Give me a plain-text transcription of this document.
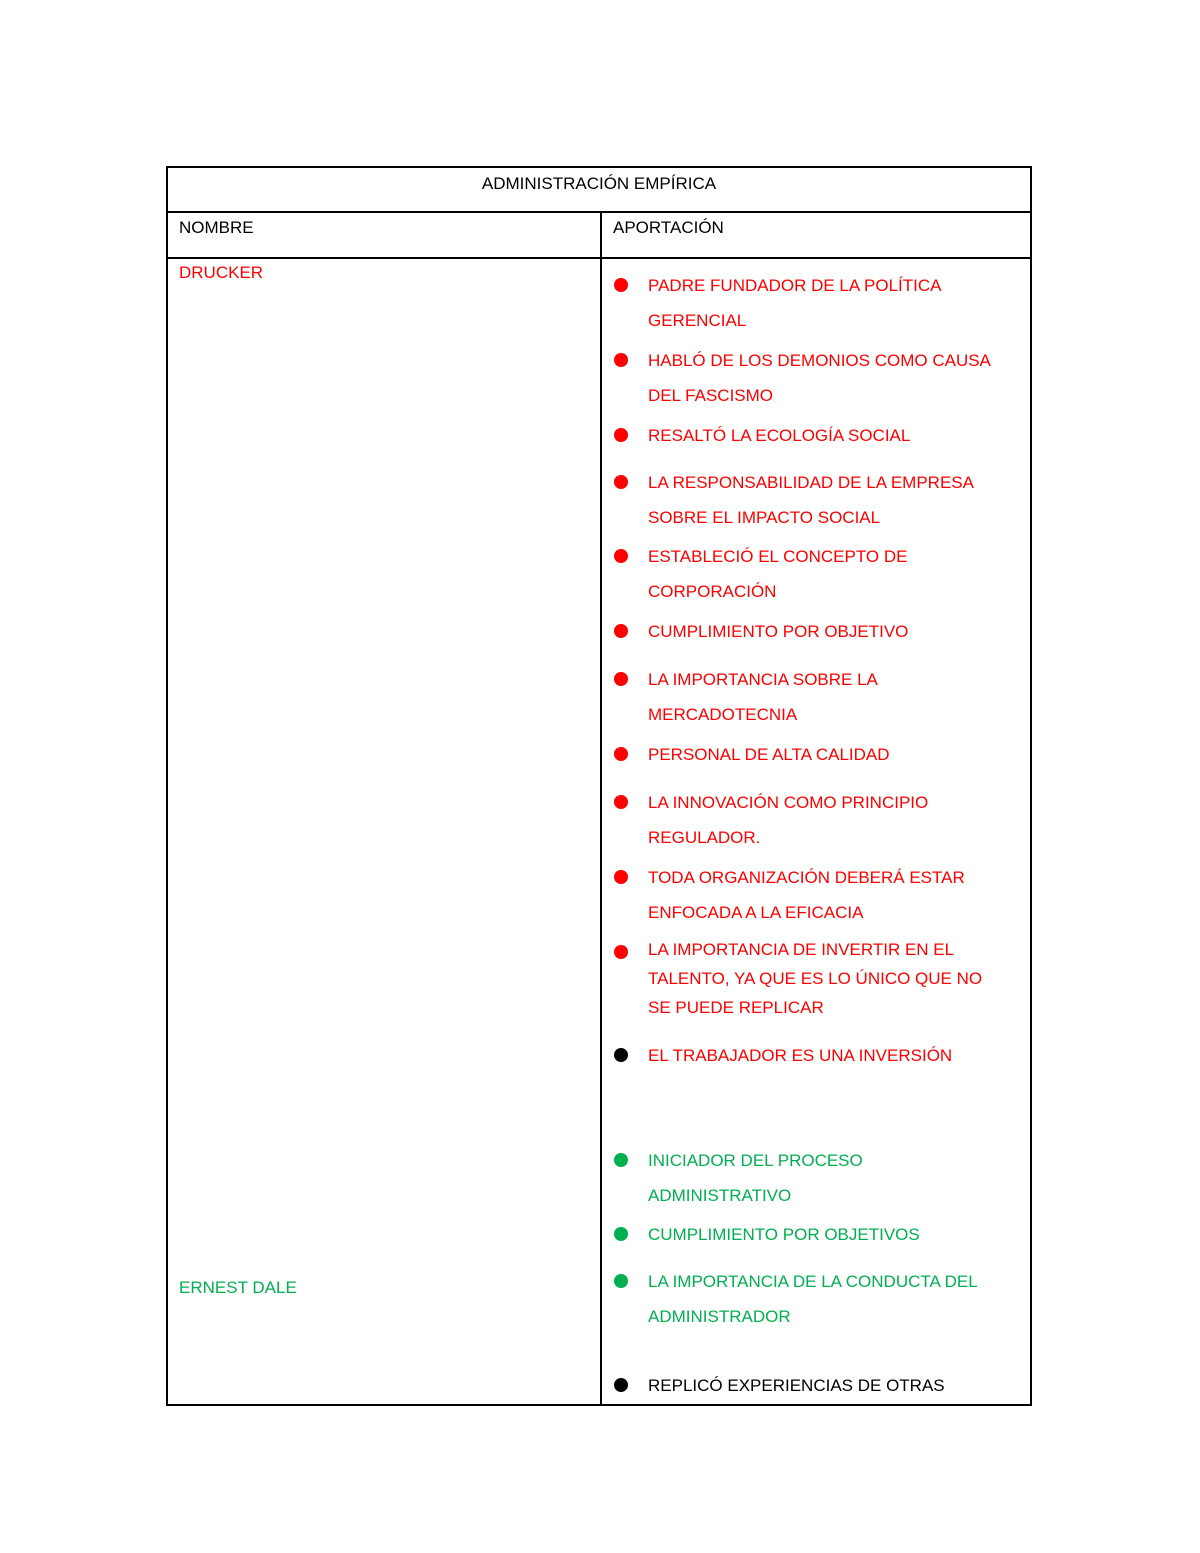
ADMINISTRACIÓN EMPÍRICA
NOMBRE	APORTACIÓN
DRUCKER
ERNEST DALE
PADRE FUNDADOR DE LA POLÍTICA
GERENCIAL
HABLÓ DE LOS DEMONIOS COMO CAUSA
DEL FASCISMO
RESALTÓ LA ECOLOGÍA SOCIAL
LA RESPONSABILIDAD DE LA EMPRESA
SOBRE EL IMPACTO SOCIAL
ESTABLECIÓ EL CONCEPTO DE
CORPORACIÓN
CUMPLIMIENTO POR OBJETIVO
LA IMPORTANCIA SOBRE LA
MERCADOTECNIA
PERSONAL DE ALTA CALIDAD
LA INNOVACIÓN COMO PRINCIPIO
REGULADOR.
TODA ORGANIZACIÓN DEBERÁ ESTAR
ENFOCADA A LA EFICACIA
LA IMPORTANCIA DE INVERTIR EN EL
TALENTO, YA QUE ES LO ÚNICO QUE NO
SE PUEDE REPLICAR
EL TRABAJADOR ES UNA INVERSIÓN
INICIADOR DEL PROCESO
ADMINISTRATIVO
CUMPLIMIENTO POR OBJETIVOS
LA IMPORTANCIA DE LA CONDUCTA DEL
ADMINISTRADOR
REPLICÓ EXPERIENCIAS DE OTRAS
